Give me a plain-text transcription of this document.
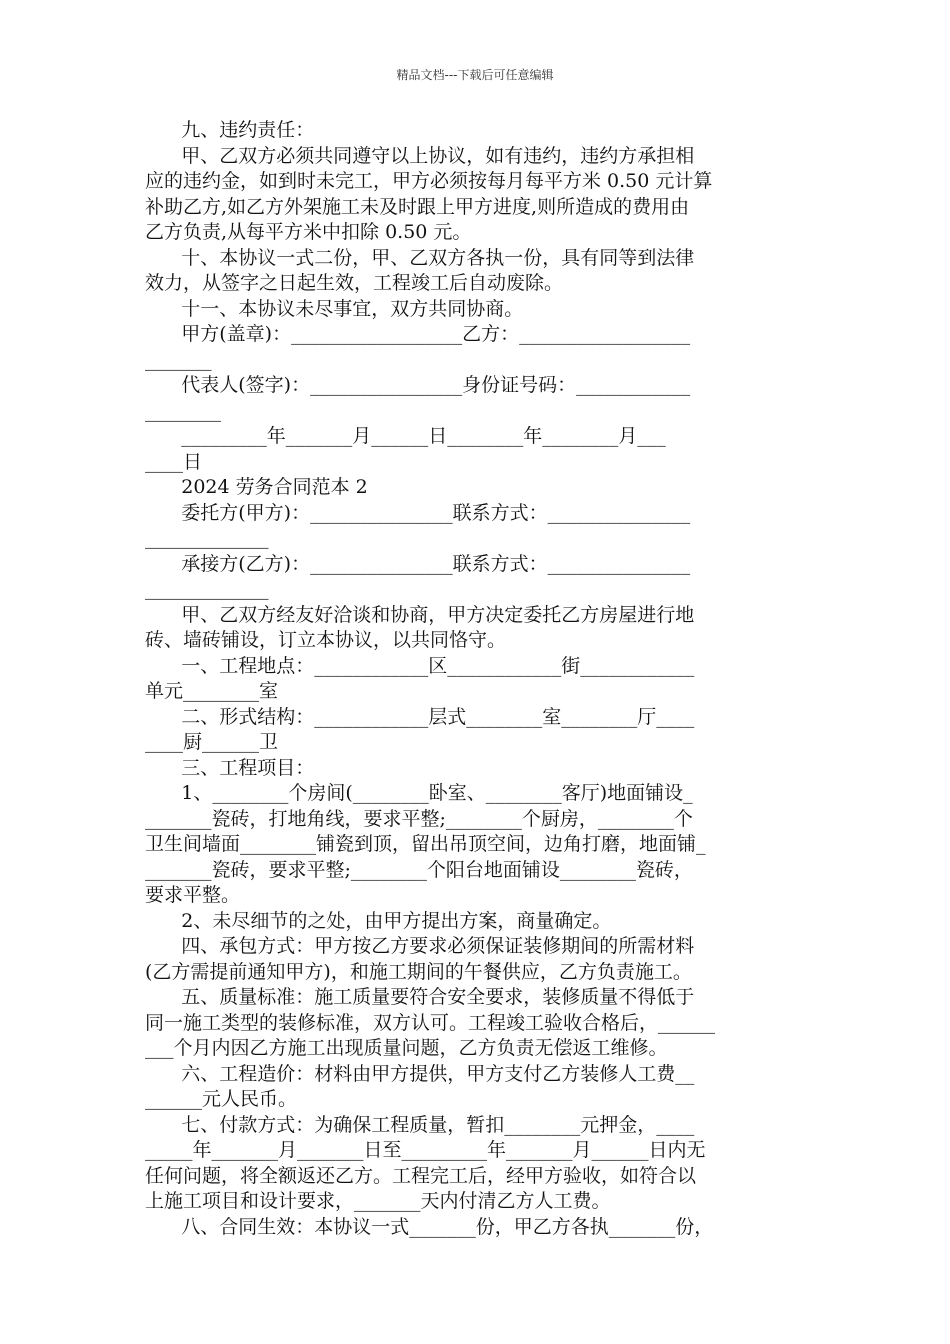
精品文档---下载后可任意编辑
九、违约责任：
甲、乙双方必须共同遵守以上协议，如有违约，违约方承担相
应的违约金，如到时未完工，甲方必须按每月每平方米 0.50 元计算
补助乙方,如乙方外架施工未及时跟上甲方进度,则所造成的费用由
乙方负责,从每平方米中扣除 0.50 元。
十、本协议一式二份，甲、乙双方各执一份，具有同等到法律
效力，从签字之日起生效，工程竣工后自动废除。
十一、本协议未尽事宜，双方共同协商。
甲方(盖章)：__________________乙方：__________________
_______
代表人(签字)：________________身份证号码：____________
________
_________年_______月______日________年________月___
____日
2024 劳务合同范本 2
委托方(甲方)：_______________联系方式：_______________
_____________
承接方(乙方)：_______________联系方式：_______________
_____________
甲、乙双方经友好洽谈和协商，甲方决定委托乙方房屋进行地
砖、墙砖铺设，订立本协议，以共同恪守。
一、工程地点：____________区____________街____________
单元________室
二、形式结构：____________层式________室________厅____
____厨______卫
三、工程项目：
1、________个房间(________卧室、________客厅)地面铺设_
_______瓷砖，打地角线，要求平整;________个厨房，________个
卫生间墙面________铺瓷到顶，留出吊顶空间，边角打磨，地面铺_
_______瓷砖，要求平整;________个阳台地面铺设________瓷砖，
要求平整。
2、未尽细节的之处，由甲方提出方案，商量确定。
四、承包方式：甲方按乙方要求必须保证装修期间的所需材料
(乙方需提前通知甲方)，和施工期间的午餐供应，乙方负责施工。
五、质量标准：施工质量要符合安全要求，装修质量不得低于
同一施工类型的装修标准，双方认可。工程竣工验收合格后，______
___个月内因乙方施工出现质量问题，乙方负责无偿返工维修。
六、工程造价：材料由甲方提供，甲方支付乙方装修人工费__
______元人民币。
七、付款方式：为确保工程质量，暂扣________元押金，____
_____年_______月_______日至_________年_______月______日内无
任何问题，将全额返还乙方。工程完工后，经甲方验收，如符合以
上施工项目和设计要求，_______天内付清乙方人工费。
八、合同生效：本协议一式_______份，甲乙方各执_______份，
